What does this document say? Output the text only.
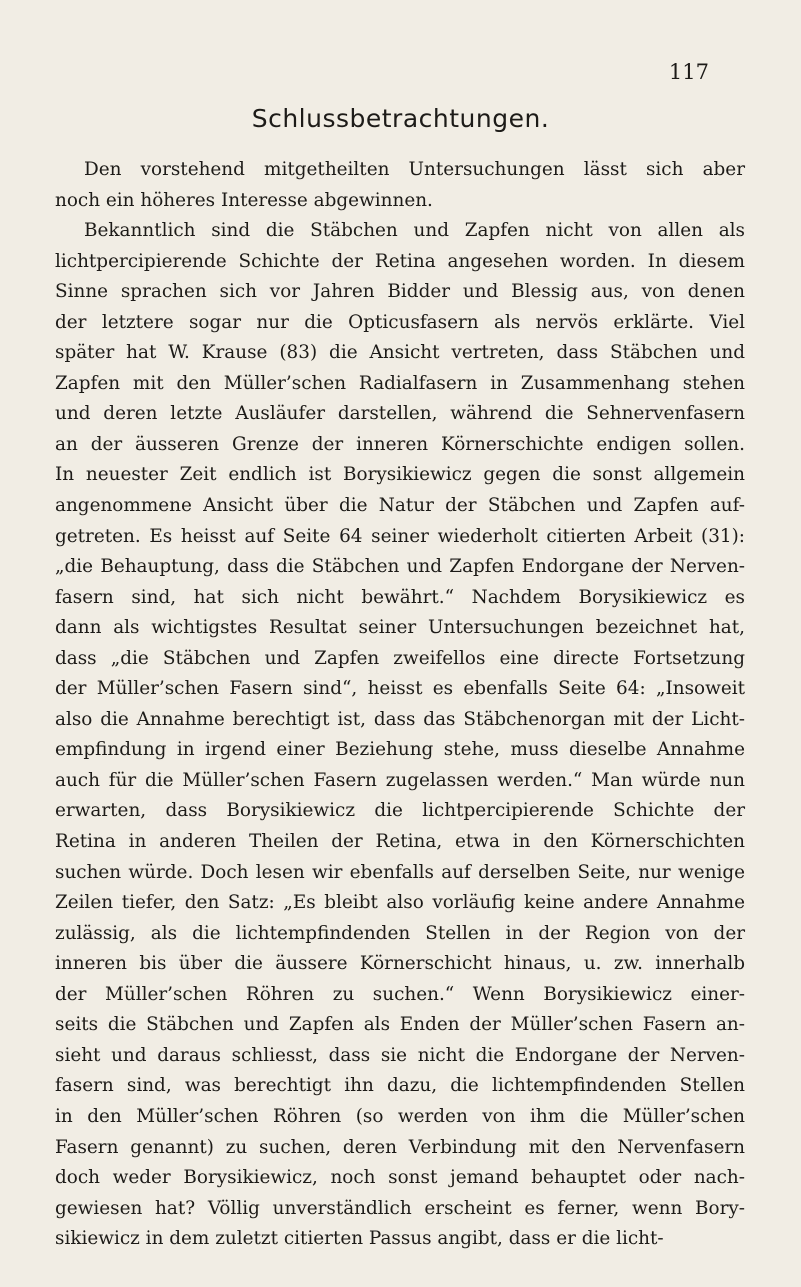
117
Schlussbetrachtungen.
Den vorstehend mitgetheilten Untersuchungen lässt sich aber
noch ein höheres Interesse abgewinnen.
Bekanntlich sind die Stäbchen und Zapfen nicht von allen als
lichtpercipierende Schichte der Retina angesehen worden. In diesem
Sinne sprachen sich vor Jahren Bidder und Blessig aus, von denen
der letztere sogar nur die Opticusfasern als nervös erklärte. Viel
später hat W. Krause (83) die Ansicht vertreten, dass Stäbchen und
Zapfen mit den Müller’schen Radialfasern in Zusammenhang stehen
und deren letzte Ausläufer darstellen, während die Sehnervenfasern
an der äusseren Grenze der inneren Körnerschichte endigen sollen.
In neuester Zeit endlich ist Borysikiewicz gegen die sonst allgemein
angenommene Ansicht über die Natur der Stäbchen und Zapfen auf-
getreten. Es heisst auf Seite 64 seiner wiederholt citierten Arbeit (31):
„die Behauptung, dass die Stäbchen und Zapfen Endorgane der Nerven-
fasern sind, hat sich nicht bewährt.“ Nachdem Borysikiewicz es
dann als wichtigstes Resultat seiner Untersuchungen bezeichnet hat,
dass „die Stäbchen und Zapfen zweifellos eine directe Fortsetzung
der Müller’schen Fasern sind“, heisst es ebenfalls Seite 64: „Insoweit
also die Annahme berechtigt ist, dass das Stäbchenorgan mit der Licht-
empfindung in irgend einer Beziehung stehe, muss dieselbe Annahme
auch für die Müller’schen Fasern zugelassen werden.“ Man würde nun
erwarten, dass Borysikiewicz die lichtpercipierende Schichte der
Retina in anderen Theilen der Retina, etwa in den Körnerschichten
suchen würde. Doch lesen wir ebenfalls auf derselben Seite, nur wenige
Zeilen tiefer, den Satz: „Es bleibt also vorläufig keine andere Annahme
zulässig, als die lichtempfindenden Stellen in der Region von der
inneren bis über die äussere Körnerschicht hinaus, u. zw. innerhalb
der Müller’schen Röhren zu suchen.“ Wenn Borysikiewicz einer-
seits die Stäbchen und Zapfen als Enden der Müller’schen Fasern an-
sieht und daraus schliesst, dass sie nicht die Endorgane der Nerven-
fasern sind, was berechtigt ihn dazu, die lichtempfindenden Stellen
in den Müller’schen Röhren (so werden von ihm die Müller’schen
Fasern genannt) zu suchen, deren Verbindung mit den Nervenfasern
doch weder Borysikiewicz, noch sonst jemand behauptet oder nach-
gewiesen hat? Völlig unverständlich erscheint es ferner, wenn Bory-
sikiewicz in dem zuletzt citierten Passus angibt, dass er die licht-
